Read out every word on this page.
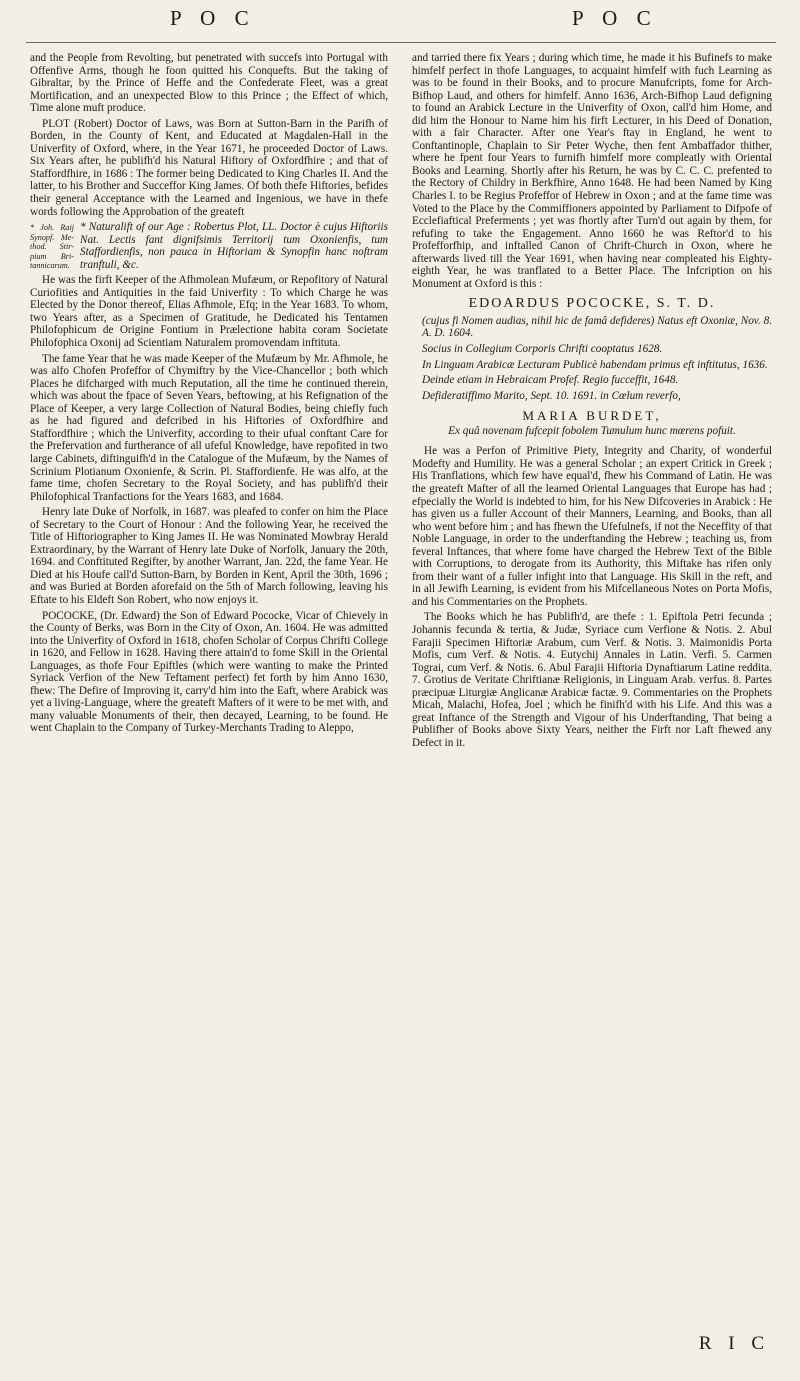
P O C	P O C

and the People from Revolting, but penetrated with succefs into Portugal with Offenfive Arms, though he foon quitted his Conquefts. But the taking of Gibraltar, by the Prince of Heffe and the Confederate Fleet, was a great Mortification, and an unexpected Blow to this Prince ; the Effect of which, Time alone muft produce.

PLOT (Robert) Doctor of Laws, was Born at Sutton-Barn in the Parifh of Borden, in the County of Kent, and Educated at Magdalen-Hall in the Univerfity of Oxford, where, in the Year 1671, he proceeded Doctor of Laws. Six Years after, he publifh'd his Natural Hiftory of Oxfordfhire ; and that of Staffordfhire, in 1686 : The former being Dedicated to King Charles II. And the latter, to his Brother and Succeffor King James. Of both thefe Hiftories, befides their general Acceptance with the Learned and Ingenious, we have in thefe words following the Approbation of the greateft

* Joh. Raij Synopf. Me-thod. Stir-pium Bri-tannicarum.

* Naturalift of our Age : Robertus Plot, LL. Doctor è cujus Hiftoriis Nat. Lectis fant dignifsimis Territorij tum Oxonienfis, tum Staffordienfis, non pauca in Hiftoriam & Synopfin hanc noftram tranftuli, &c.

He was the firft Keeper of the Afhmolean Mufæum, or Repofitory of Natural Curiofities and Antiquities in the faid Univerfity : To which Charge he was Elected by the Donor thereof, Elias Afhmole, Efq; in the Year 1683. To whom, two Years after, as a Specimen of Gratitude, he Dedicated his Tentamen Philofophicum de Origine Fontium in Prælectione habita coram Societate Philofophica Oxonij ad Scientiam Naturalem promovendam inftituta.

The fame Year that he was made Keeper of the Mufæum by Mr. Afhmole, he was alfo Chofen Profeffor of Chymiftry by the Vice-Chancellor ; both which Places he difcharged with much Reputation, all the time he continued therein, which was about the fpace of Seven Years, beftowing, at his Refignation of the Place of Keeper, a very large Collection of Natural Bodies, being chiefly fuch as he had figured and defcribed in his Hiftories of Oxfordfhire and Staffordfhire ; which the Univerfity, according to their ufual conftant Care for the Prefervation and furtherance of all ufeful Knowledge, have repofited in two large Cabinets, diftinguifh'd in the Catalogue of the Mufæum, by the Names of Scrinium Plotianum Oxonienfe, & Scrin. Pl. Staffordienfe. He was alfo, at the fame time, chofen Secretary to the Royal Society, and has publifh'd their Philofophical Tranfactions for the Years 1683, and 1684.

Henry late Duke of Norfolk, in 1687. was pleafed to confer on him the Place of Secretary to the Court of Honour : And the following Year, he received the Title of Hiftoriographer to King James II. He was Nominated Mowbray Herald Extraordinary, by the Warrant of Henry late Duke of Norfolk, January the 20th, 1694. and Conftituted Regifter, by another Warrant, Jan. 22d, the fame Year. He Died at his Houfe call'd Sutton-Barn, by Borden in Kent, April the 30th, 1696 ; and was Buried at Borden aforefaid on the 5th of March following, leaving his Eftate to his Eldeft Son Robert, who now enjoys it.

POCOCKE, (Dr. Edward) the Son of Edward Pococke, Vicar of Chievely in the County of Berks, was Born in the City of Oxon, An. 1604. He was admitted into the Univerfity of Oxford in 1618, chofen Scholar of Corpus Chrifti College in 1620, and Fellow in 1628. Having there attain'd to fome Skill in the Oriental Languages, as thofe Four Epiftles (which were wanting to make the Printed Syriack Verfion of the New Teftament perfect) fet forth by him Anno 1630, fhew: The Defire of Improving it, carry'd him into the Eaft, where Arabick was yet a living-Language, where the greateft Mafters of it were to be met with, and many valuable Monuments of their, then decayed, Learning, to be found. He went Chaplain to the Company of Turkey-Merchants Trading to Aleppo,

and tarried there fix Years ; during which time, he made it his Bufinefs to make himfelf perfect in thofe Languages, to acquaint himfelf with fuch Learning as was to be found in their Books, and to procure Manufcripts, fome for Arch-Bifhop Laud, and others for himfelf. Anno 1636, Arch-Bifhop Laud defigning to found an Arabick Lecture in the Univerfity of Oxon, call'd him Home, and did him the Honour to Name him his firft Lecturer, in his Deed of Donation, with a fair Character. After one Year's ftay in England, he went to Conftantinople, Chaplain to Sir Peter Wyche, then fent Ambaffador thither, where he fpent four Years to furnifh himfelf more compleatly with Oriental Books and Learning. Shortly after his Return, he was by C. C. C. prefented to the Rectory of Childry in Berkfhire, Anno 1648. He had been Named by King Charles I. to be Regius Profeffor of Hebrew in Oxon ; and at the fame time was Voted to the Place by the Commiffioners appointed by Parliament to Difpofe of Ecclefiaftical Preferments ; yet was fhortly after Turn'd out again by them, for refufing to take the Engagement. Anno 1660 he was Reftor'd to his Profefforfhip, and inftalled Canon of Chrift-Church in Oxon, where he afterwards lived till the Year 1691, when having near compleated his Eighty-eighth Year, he was tranflated to a Better Place. The Infcription on his Monument at Oxford is this :

EDOARDUS POCOCKE, S. T. D.

(cujus fi Nomen audias, nihil hic de famâ defideres) Natus eft Oxoniæ, Nov. 8. A. D. 1604.

Socius in Collegium Corporis Chrifti cooptatus 1628.

In Linguam Arabicæ Lecturam Publicè habendam primus eft inftitutus, 1636.

Deinde etiam in Hebraicam Profef. Regio fucceffit, 1648.

Defideratiffimo Marito, Sept. 10. 1691. in Cœlum reverfo,

MARIA BURDET,
Ex quâ novenam fufcepit fobolem Tumulum hunc mœrens pofuit.

He was a Perfon of Primitive Piety, Integrity and Charity, of wonderful Modefty and Humility. He was a general Scholar ; an expert Critick in Greek ; His Tranflations, which few have equal'd, fhew his Command of Latin. He was the greateft Mafter of all the learned Oriental Languages that Europe has had ; efpecially the World is indebted to him, for his New Difcoveries in Arabick : He has given us a fuller Account of their Manners, Learning, and Books, than all who went before him ; and has fhewn the Ufefulnefs, if not the Neceffity of that Noble Language, in order to the underftanding the Hebrew ; teaching us, from feveral Inftances, that where fome have charged the Hebrew Text of the Bible with Corruptions, to derogate from its Authority, this Miftake has rifen only from their want of a fuller infight into that Language. His Skill in the reft, and in all Jewifh Learning, is evident from his Mifcellaneous Notes on Porta Mofis, and his Commentaries on the Prophets.

The Books which he has Publifh'd, are thefe : 1. Epiftola Petri fecunda ; Johannis fecunda & tertia, & Judæ, Syriace cum Verfione & Notis. 2. Abul Farajii Specimen Hiftoriæ Arabum, cum Verf. & Notis. 3. Maimonidis Porta Mofis, cum Verf. & Notis. 4. Eutychij Annales in Latin. Verfi. 5. Carmen Tograi, cum Verf. & Notis. 6. Abul Farajii Hiftoria Dynaftiarum Latine reddita. 7. Grotius de Veritate Chriftianæ Religionis, in Linguam Arab. verfus. 8. Partes præcipuæ Liturgiæ Anglicanæ Arabicæ factæ. 9. Commentaries on the Prophets Micah, Malachi, Hofea, Joel ; which he finifh'd with his Life. And this was a great Inftance of the Strength and Vigour of his Underftanding, That being a Publifher of Books above Sixty Years, neither the Firft nor Laft fhewed any Defect in it.

R I C
